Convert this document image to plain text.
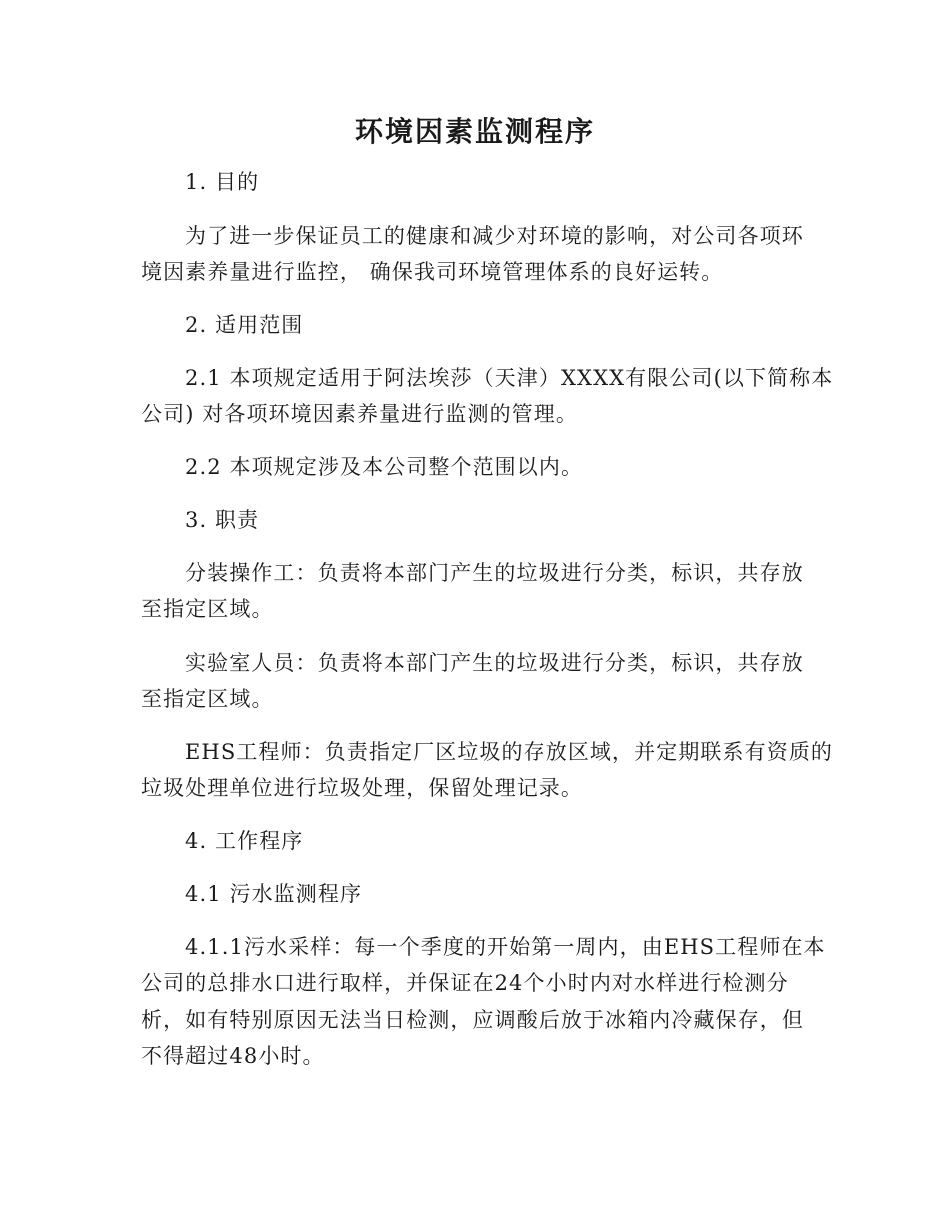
环境因素监测程序
1. 目的
为了进一步保证员工的健康和减少对环境的影响，对公司各项环
境因素养量进行监控， 确保我司环境管理体系的良好运转。
2. 适用范围
2.1 本项规定适用于阿法埃莎（天津）XXXX有限公司(以下简称本
公司) 对各项环境因素养量进行监测的管理。
2.2 本项规定涉及本公司整个范围以内。
3. 职责
分装操作工：负责将本部门产生的垃圾进行分类，标识，共存放
至指定区域。
实验室人员：负责将本部门产生的垃圾进行分类，标识，共存放
至指定区域。
EHS工程师：负责指定厂区垃圾的存放区域，并定期联系有资质的
垃圾处理单位进行垃圾处理，保留处理记录。
4. 工作程序
4.1 污水监测程序
4.1.1污水采样：每一个季度的开始第一周内，由EHS工程师在本
公司的总排水口进行取样，并保证在24个小时内对水样进行检测分
析，如有特别原因无法当日检测，应调酸后放于冰箱内冷藏保存，但
不得超过48小时。
